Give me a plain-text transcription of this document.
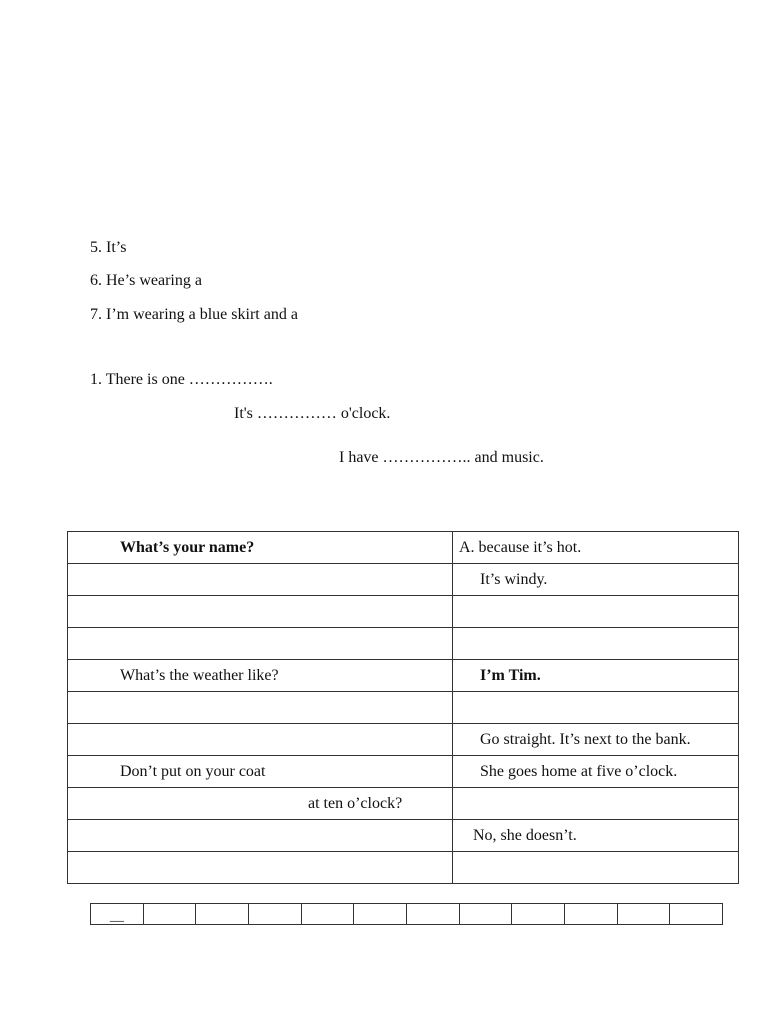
5. It’s
6. He’s wearing a
7. I’m wearing a blue skirt and a
1. There is one …………….
It's …………… o'clock.
I have …………….. and music.
What’s your name?	A. because it’s hot.
	It’s windy.

What’s the weather like?	I’m Tim.

	Go straight. It’s next to the bank.
Don’t put on your coat	She goes home at five o’clock.
at ten o’clock?	
	No, she doesn’t.

__											
